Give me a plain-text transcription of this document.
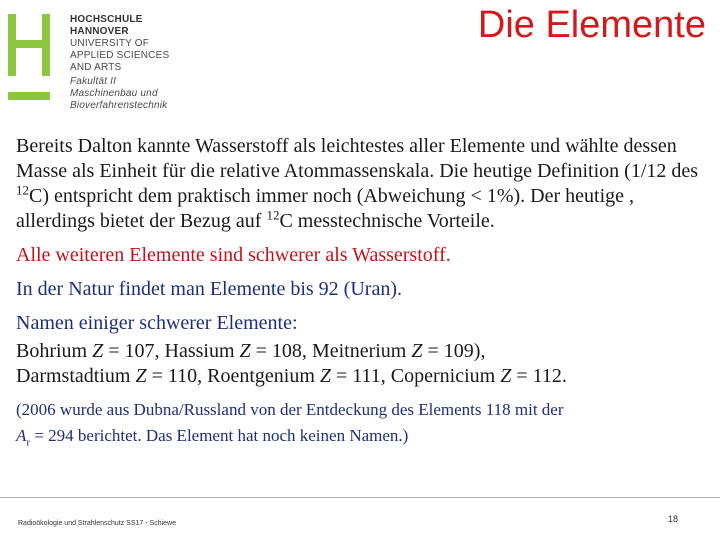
HOCHSCHULE
HANNOVER
UNIVERSITY OF
APPLIED SCIENCES
AND ARTS
Fakultät II
Maschinenbau und
Bioverfahrenstechnik
Die Elemente

Bereits Dalton kannte Wasserstoff als leichtestes aller Elemente und wählte dessen Masse als Einheit für die relative Atommassenskala. Die heutige Definition (1/12 des $^{12}$C) entspricht dem praktisch immer noch (Abweichung < 1%). Der heutige , allerdings bietet der Bezug auf $^{12}$C messtechnische Vorteile.

Alle weiteren Elemente sind schwerer als Wasserstoff.
In der Natur findet man Elemente bis 92 (Uran).
Namen einiger schwerer Elemente:
Bohrium Z = 107, Hassium Z = 108, Meitnerium Z = 109),
Darmstadtium Z = 110, Roentgenium Z = 111, Copernicium Z = 112.
(2006 wurde aus Dubna/Russland von der Entdeckung des Elements 118 mit der
$A_r = 294$ berichtet. Das Element hat noch keinen Namen.)
Radioökologie und Strahlenschutz SS17 - Schiewe	18
